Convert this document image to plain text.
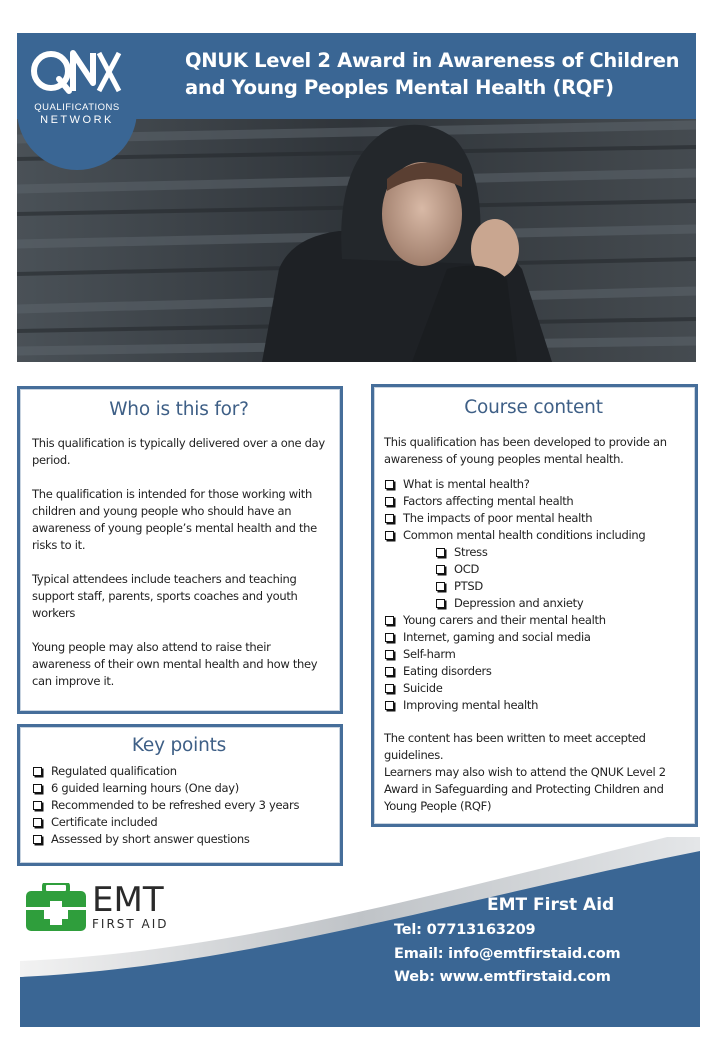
QNUK Level 2 Award in Awareness of Children
and Young Peoples Mental Health (RQF)
QUALIFICATIONS
NETWORK
Who is this for?

This qualification is typically delivered over a one day period.

The qualification is intended for those working with children and young people who should have an awareness of young people’s mental health and the risks to it.

Typical attendees include teachers and teaching support staff, parents, sports coaches and youth workers

Young people may also attend to raise their awareness of their own mental health and how they can improve it.

Key points
Regulated qualification
6 guided learning hours (One day)
Recommended to be refreshed every 3 years
Certificate included
Assessed by short answer questions
Course content

This qualification has been developed to provide an awareness of young peoples mental health.

What is mental health?
Factors affecting mental health
The impacts of poor mental health
Common mental health conditions including
Stress
OCD
PTSD
Depression and anxiety
Young carers and their mental health
Internet, gaming and social media
Self-harm
Eating disorders
Suicide
Improving mental health

The content has been written to meet accepted guidelines.

Learners may also wish to attend the QNUK Level 2 Award in Safeguarding and Protecting Children and Young People (RQF)

EMT
FIRST AID
EMT First Aid
Tel: 07713163209
Email: info@emtfirstaid.com
Web: www.emtfirstaid.com
